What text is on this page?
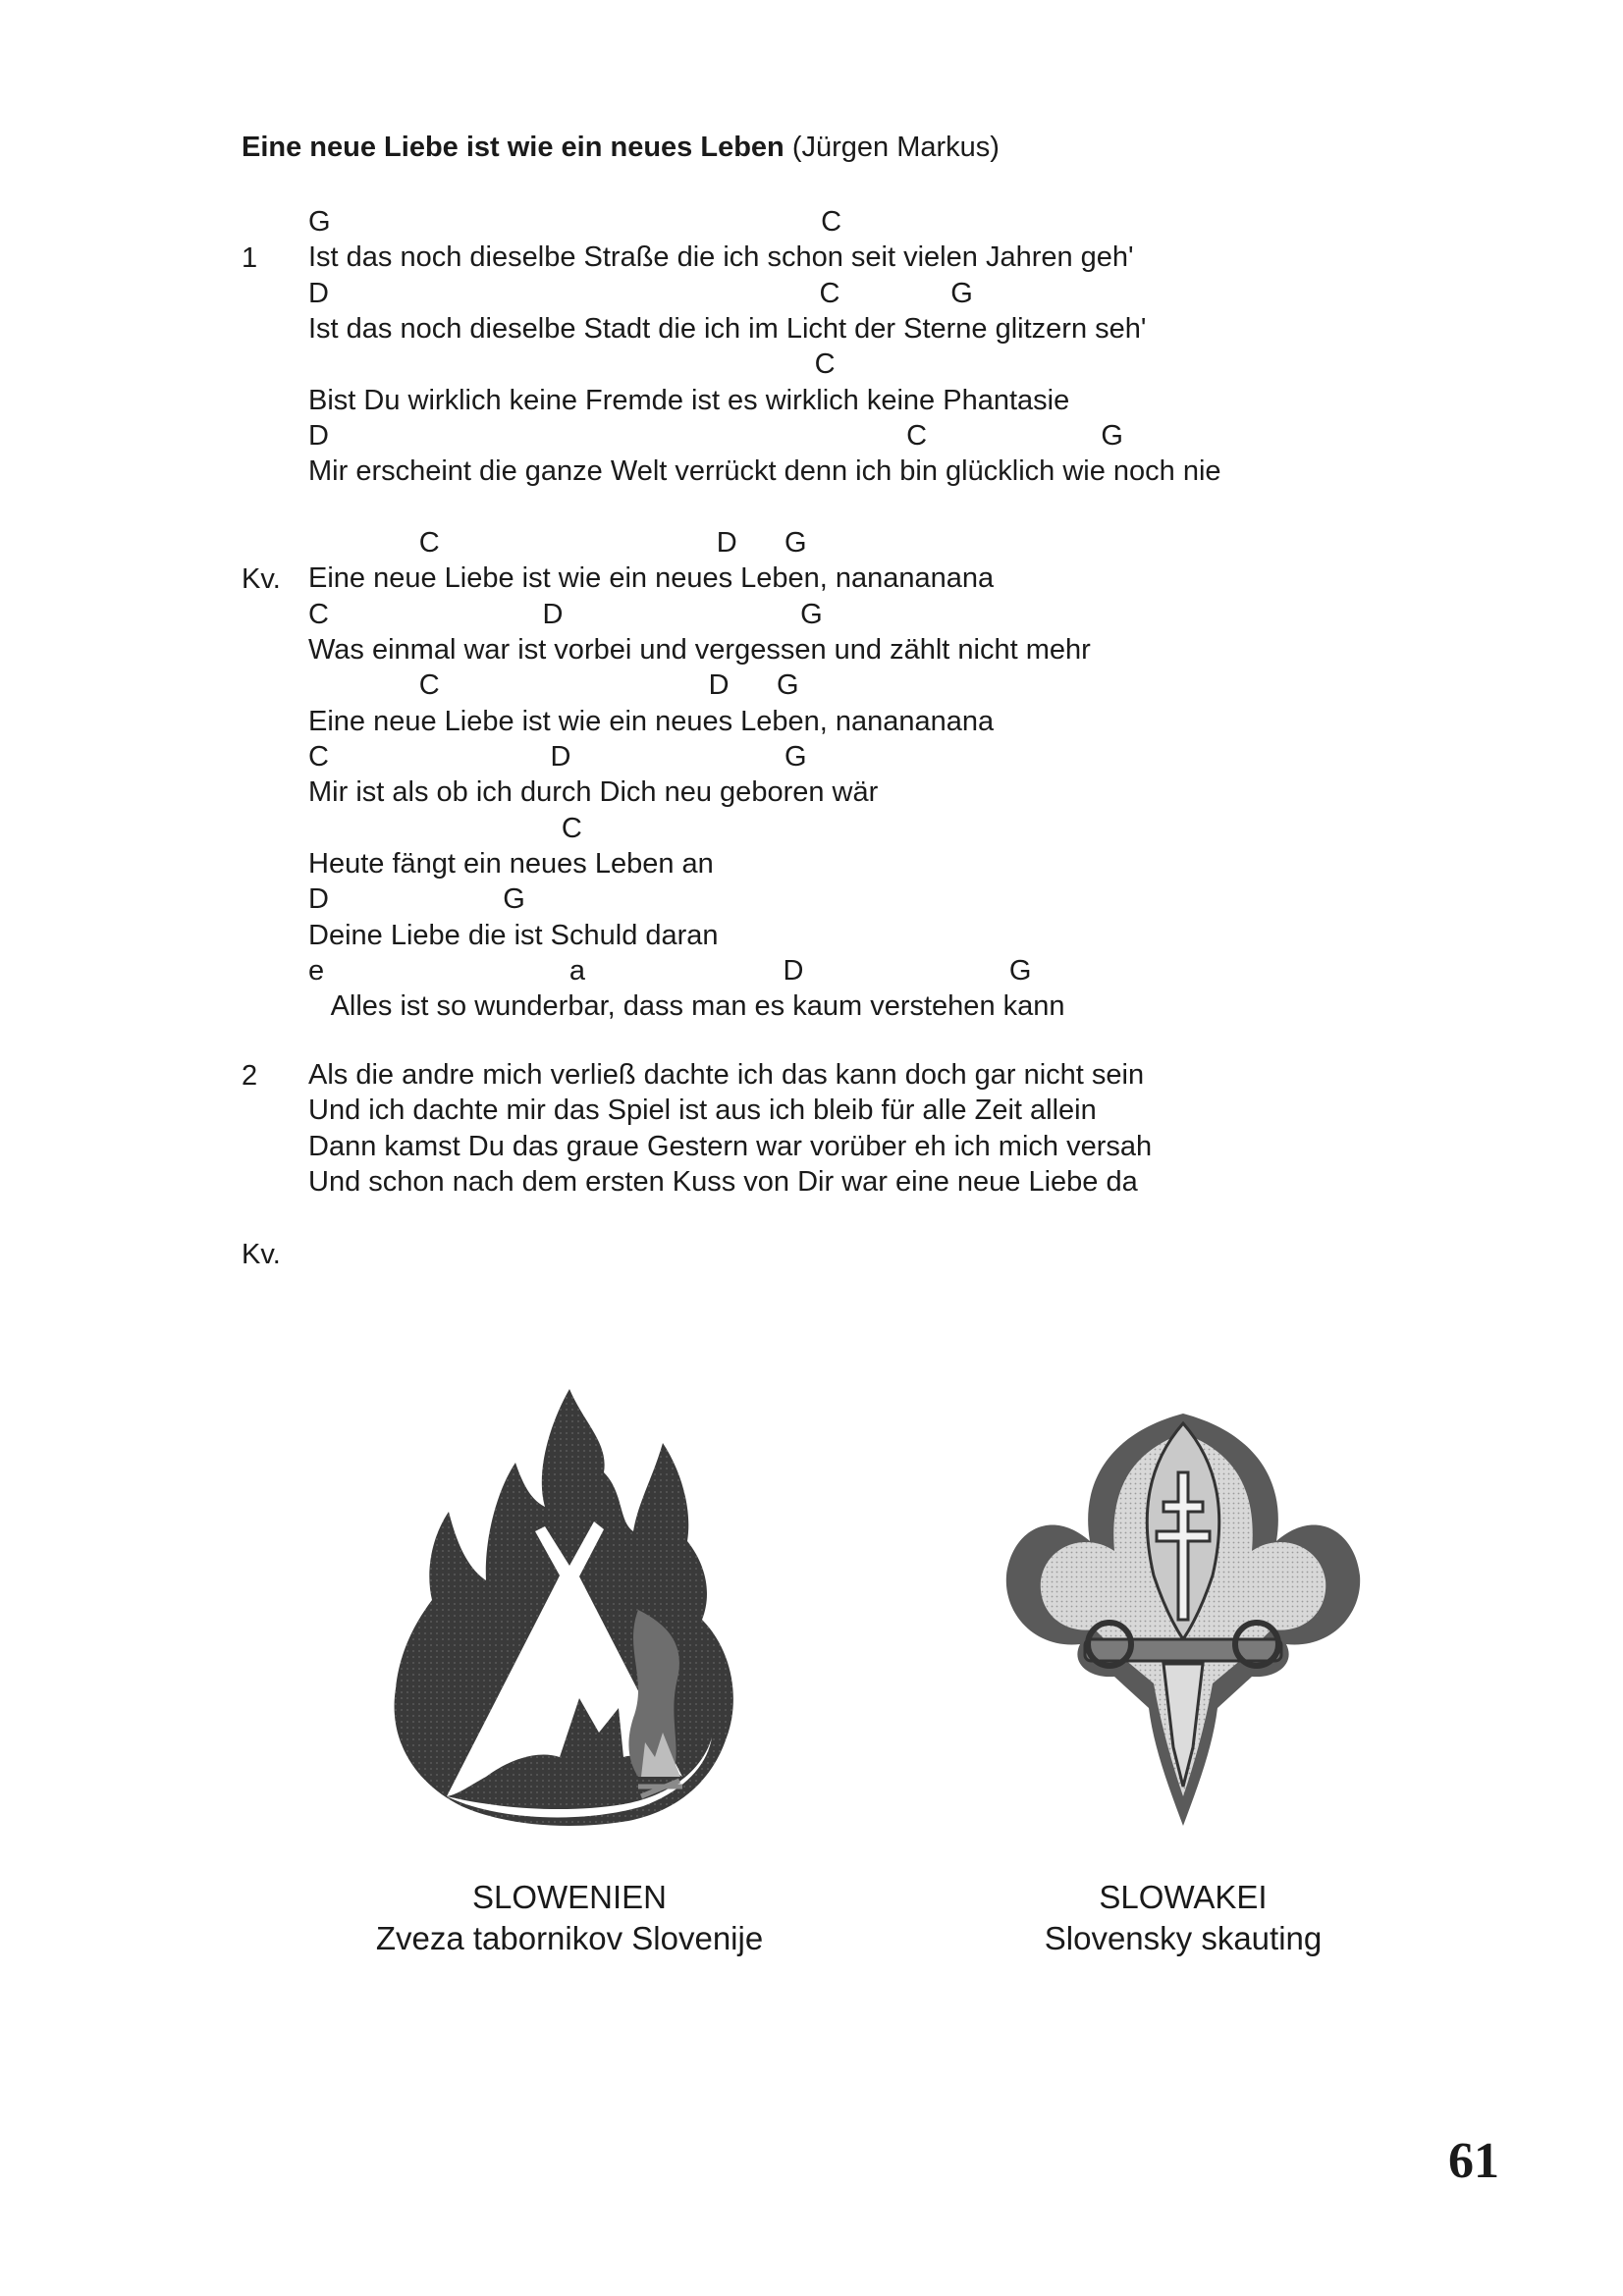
Eine neue Liebe ist wie ein neues Leben (Jürgen Markus)
1
G                                                              C
Ist das noch dieselbe Straße die ich schon seit vielen Jahren geh'
D                                                              C              G
Ist das noch dieselbe Stadt die ich im Licht der Sterne glitzern seh'
C
Bist Du wirklich keine Fremde ist es wirklich keine Phantasie
D                                                                         C                      G
Mir erscheint die ganze Welt verrückt denn ich bin glücklich wie noch nie
Kv.
C                                   D      G
Eine neue Liebe ist wie ein neues Leben, nanananana
C                           D                              G
Was einmal war ist vorbei und vergessen und zählt nicht mehr
C                                  D      G
Eine neue Liebe ist wie ein neues Leben, nanananana
C                            D                           G
Mir ist als ob ich durch Dich neu geboren wär
C
Heute fängt ein neues Leben an
D                      G
Deine Liebe die ist Schuld daran
e                               a                         D                          G
Alles ist so wunderbar, dass man es kaum verstehen kann
2 Als die andre mich verließ dachte ich das kann doch gar nicht sein
Und ich dachte mir das Spiel ist aus ich bleib für alle Zeit allein
Dann kamst Du das graue Gestern war vorüber eh ich mich versah
Und schon nach dem ersten Kuss von Dir war eine neue Liebe da
Kv.
SLOWENIEN
Zveza tabornikov Slovenije
SLOWAKEI
Slovensky skauting
61
